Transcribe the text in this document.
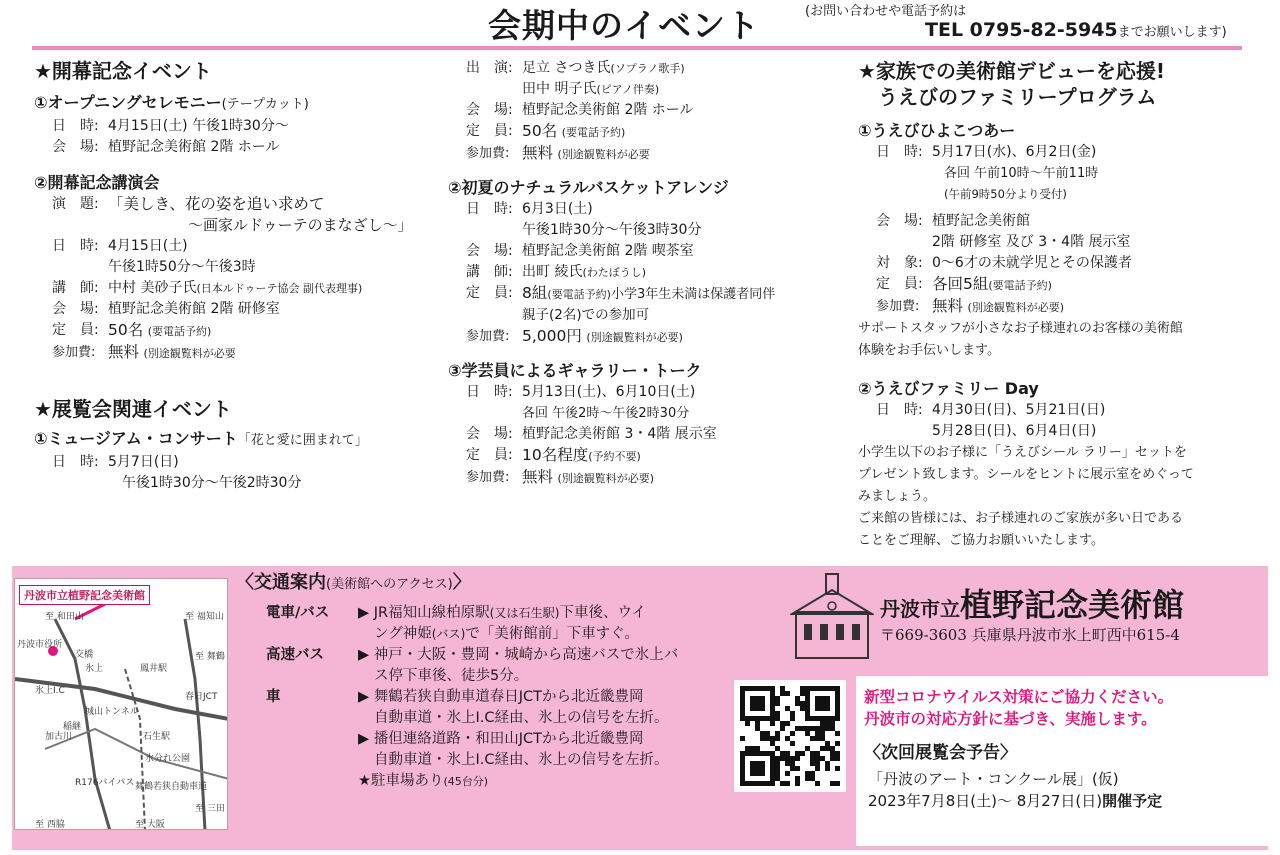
会期中のイベント	(お問い合わせや電話予約は
TEL 0795-82-5945までお願いします)
★開幕記念イベント
①オープニングセレモニー(テープカット)
日　時: 4月15日(土) 午後1時30分〜
会　場: 植野記念美術館 2階 ホール
②開幕記念講演会
演　題: 「美しき、花の姿を追い求めて
〜画家ルドゥーテのまなざし〜」
日　時: 4月15日(土)
午後1時50分〜午後3時
講　師: 中村 美砂子氏(日本ルドゥーテ協会 副代表理事)
会　場: 植野記念美術館 2階 研修室
定　員: 50名 (要電話予約)
参加費: 無料 (別途観覧料が必要
★展覧会関連イベント
①ミュージアム・コンサート「花と愛に囲まれて」
日　時: 5月7日(日)
午後1時30分〜午後2時30分
出　演: 足立 さつき氏(ソプラノ歌手)
田中 明子氏(ピアノ伴奏)
会　場: 植野記念美術館 2階 ホール
定　員: 50名 (要電話予約)
参加費: 無料 (別途観覧料が必要
②初夏のナチュラルバスケットアレンジ
日　時: 6月3日(土)
午後1時30分〜午後3時30分
会　場: 植野記念美術館 2階 喫茶室
講　師: 出町 綾氏(わたぼうし)
定　員: 8組(要電話予約)小学3年生未満は保護者同伴
親子(2名)での参加可
参加費: 5,000円 (別途観覧料が必要)
③学芸員によるギャラリー・トーク
日　時: 5月13日(土)、6月10日(土)
各回 午後2時〜午後2時30分
会　場: 植野記念美術館 3・4階 展示室
定　員: 10名程度(予約不要)
参加費: 無料 (別途観覧料が必要)
★家族での美術館デビューを応援!
うえびのファミリープログラム
①うえびひよこつあー
日　時: 5月17日(水)、6月2日(金)
各回 午前10時〜午前11時
(午前9時50分より受付)
会　場: 植野記念美術館
2階 研修室 及び 3・4階 展示室
対　象: 0〜6才の未就学児とその保護者
定　員: 各回5組(要電話予約)
参加費: 無料 (別途観覧料が必要)
サポートスタッフが小さなお子様連れのお客様の美術館
体験をお手伝いします。
②うえびファミリー Day
日　時: 4月30日(日)、5月21日(日)
5月28日(日)、6月4日(日)
小学生以下のお子様に「うえびシール ラリー」セットを
プレゼント致します。シールをヒントに展示室をめぐって
みましょう。
ご来館の皆様には、お子様連れのご家族が多い日である
ことをご理解、ご協力お願いいたします。
丹波市立植野記念美術館
至 和田山
丹波市役所
至 福知山
至 舞鶴
氷上	鳳井駅
氷上I.C
加古川
稲継
城山トンネル
石生駅
水分れ公園
舞鶴若狭自動車道
R176バイパス
至 西脇	至 大阪
至 三田
春日JCT
交橋
〈交通案内(美術館へのアクセス)〉
電車/バス	▶ JR福知山線柏原駅(又は石生駅)下車後、ウイ
ング神姫(バス)で「美術館前」下車すぐ。
高速バス	▶ 神戸・大阪・豊岡・城崎から高速バスで氷上バ
ス停下車後、徒歩5分。
車	▶ 舞鶴若狭自動車道春日JCTから北近畿豊岡
自動車道・氷上I.C経由、氷上の信号を左折。
▶ 播但連絡道路・和田山JCTから北近畿豊岡
自動車道・氷上I.C経由、氷上の信号を左折。
★駐車場あり(45台分)
丹波市立植野記念美術館
〒669-3603 兵庫県丹波市氷上町西中615-4
新型コロナウイルス対策にご協力ください。
丹波市の対応方針に基づき、実施します。
〈次回展覧会予告〉
「丹波のアート・コンクール展」(仮)
2023年7月8日(土)〜 8月27日(日)開催予定
